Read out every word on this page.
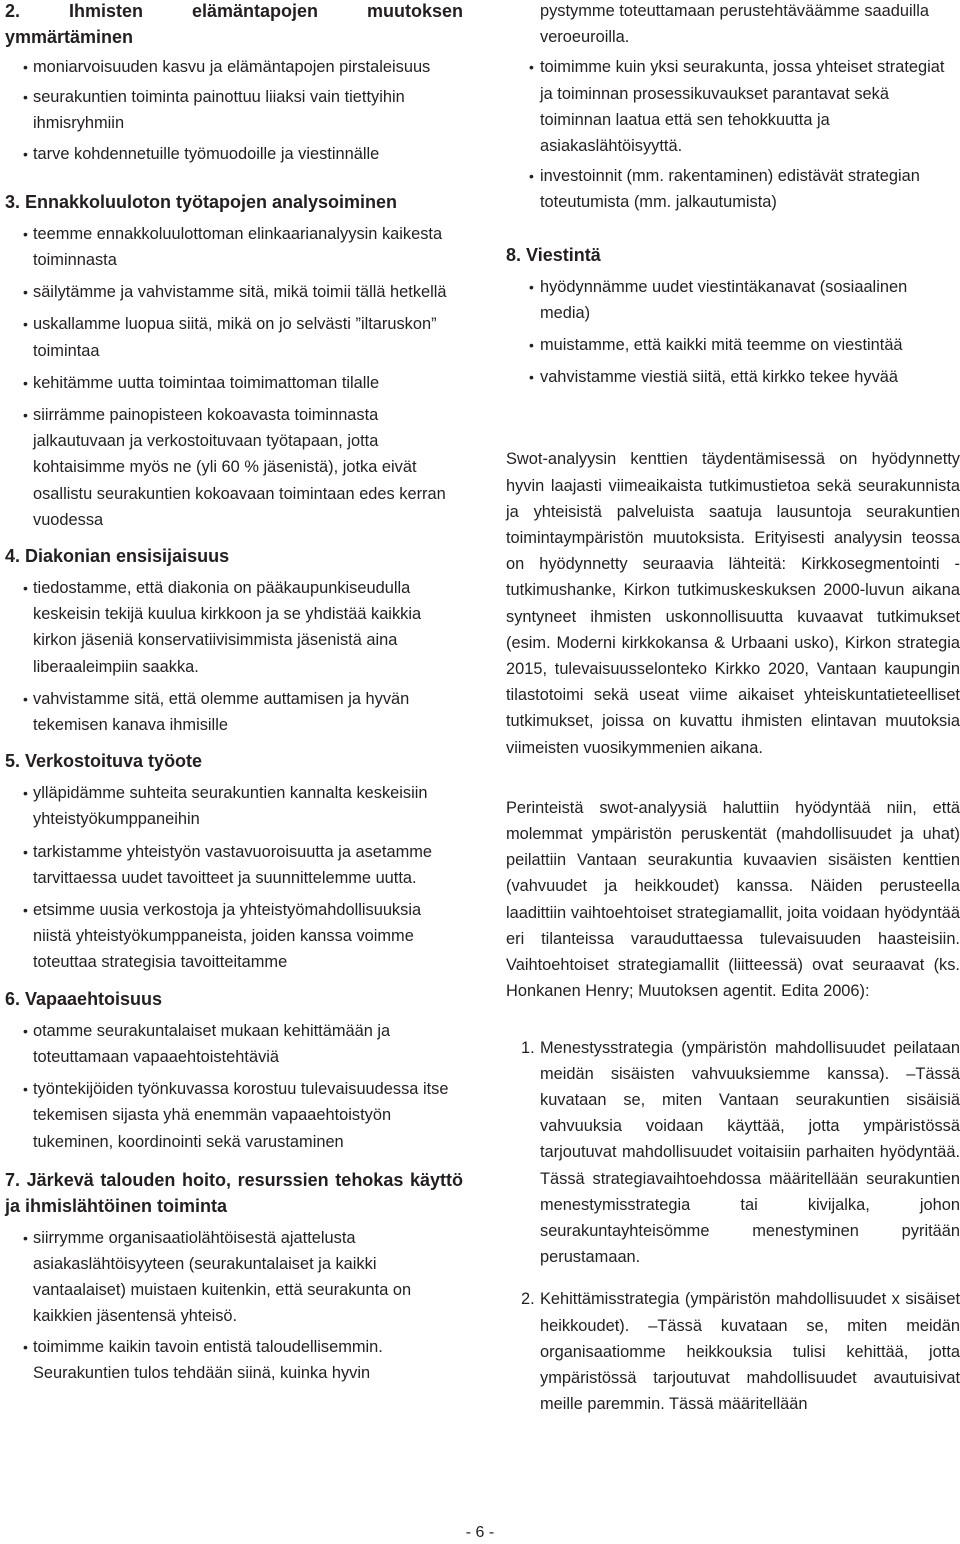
2. Ihmisten elämäntapojen muutoksen ymmärtäminen
• moniarvoisuuden kasvu ja elämäntapojen pirstaleisuus
• seurakuntien toiminta painottuu liiaksi vain tiettyihin ihmisryhmiin
• tarve kohdennetuille työmuodoille ja viestinnälle
3. Ennakkoluuloton työtapojen analysoiminen
• teemme ennakkoluulottoman elinkaarianalyysin kaikesta toiminnasta
• säilytämme ja vahvistamme sitä, mikä toimii tällä hetkellä
• uskallamme luopua siitä, mikä on jo selvästi ”iltaruskon” toimintaa
• kehitämme uutta toimintaa toimimattoman tilalle
• siirrämme painopisteen kokoavasta toiminnasta jalkautuvaan ja verkostoituvaan työtapaan, jotta kohtaisimme myös ne (yli 60 % jäsenistä), jotka eivät osallistu seurakuntien kokoavaan toimintaan edes kerran vuodessa
4. Diakonian ensisijaisuus
• tiedostamme, että diakonia on pääkaupunkiseudulla keskeisin tekijä kuulua kirkkoon ja se yhdistää kaikkia kirkon jäseniä konservatiivisimmista jäsenistä aina liberaaleimpiin saakka.
• vahvistamme sitä, että olemme auttamisen ja hyvän tekemisen kanava ihmisille
5. Verkostoituva työote
• ylläpidämme suhteita seurakuntien kannalta keskeisiin yhteistyökumppaneihin
• tarkistamme yhteistyön vastavuoroisuutta ja asetamme tarvittaessa uudet tavoitteet ja suunnittelemme uutta.
• etsimme uusia verkostoja ja yhteistyömahdollisuuksia niistä yhteistyökumppaneista, joiden kanssa voimme toteuttaa strategisia tavoitteitamme
6. Vapaaehtoisuus
• otamme seurakuntalaiset mukaan kehittämään ja toteuttamaan vapaaehtoistehtäviä
• työntekijöiden työnkuvassa korostuu tulevaisuudessa itse tekemisen sijasta yhä enemmän vapaaehtoistyön tukeminen, koordinointi sekä varustaminen
7. Järkevä talouden hoito, resurssien tehokas käyttö ja ihmislähtöinen toiminta
• siirrymme organisaatiolähtöisestä ajattelusta asiakaslähtöisyyteen (seurakuntalaiset ja kaikki vantaalaiset) muistaen kuitenkin, että seurakunta on kaikkien jäsentensä yhteisö.
• toimimme kaikin tavoin entistä taloudellisemmin. Seurakuntien tulos tehdään siinä, kuinka hyvin
pystymme toteuttamaan perustehtäväämme saaduilla veroeuroilla.
• toimimme kuin yksi seurakunta, jossa yhteiset strategiat ja toiminnan prosessikuvaukset parantavat sekä toiminnan laatua että sen tehokkuutta ja asiakaslähtöisyyttä.
• investoinnit (mm. rakentaminen) edistävät strategian toteutumista (mm. jalkautumista)
8. Viestintä
• hyödynnämme uudet viestintäkanavat (sosiaalinen media)
• muistamme, että kaikki mitä teemme on viestintää
• vahvistamme viestiä siitä, että kirkko tekee hyvää

Swot-analyysin kenttien täydentämisessä on hyödynnetty hyvin laajasti viimeaikaista tutkimustietoa sekä seurakunnista ja yhteisistä palveluista saatuja lausuntoja seurakuntien toimintaympäristön muutoksista. Erityisesti analyysin teossa on hyödynnetty seuraavia lähteitä: Kirkkosegmentointi -tutkimushanke, Kirkon tutkimuskeskuksen 2000-luvun aikana syntyneet ihmisten uskonnollisuutta kuvaavat tutkimukset (esim. Moderni kirkkokansa & Urbaani usko), Kirkon strategia 2015, tulevaisuusselonteko Kirkko 2020, Vantaan kaupungin tilastotoimi sekä useat viime aikaiset yhteiskuntatieteelliset tutkimukset, joissa on kuvattu ihmisten elintavan muutoksia viimeisten vuosikymmenien aikana.

Perinteistä swot-analyysiä haluttiin hyödyntää niin, että molemmat ympäristön peruskentät (mahdollisuudet ja uhat) peilattiin Vantaan seurakuntia kuvaavien sisäisten kenttien (vahvuudet ja heikkoudet) kanssa. Näiden perusteella laadittiin vaihtoehtoiset strategiamallit, joita voidaan hyödyntää eri tilanteissa varauduttaessa tulevaisuuden haasteisiin. Vaihtoehtoiset strategiamallit (liitteessä) ovat seuraavat (ks. Honkanen Henry; Muutoksen agentit. Edita 2006):

1. Menestysstrategia (ympäristön mahdollisuudet peilataan meidän sisäisten vahvuuksiemme kanssa). –Tässä kuvataan se, miten Vantaan seurakuntien sisäisiä vahvuuksia voidaan käyttää, jotta ympäristössä tarjoutuvat mahdollisuudet voitaisiin parhaiten hyödyntää. Tässä strategiavaihtoehdossa määritellään seurakuntien menestymisstrategia tai kivijalka, johon seurakuntayhteisömme menestyminen pyritään perustamaan.
2. Kehittämisstrategia (ympäristön mahdollisuudet x sisäiset heikkoudet). –Tässä kuvataan se, miten meidän organisaatiomme heikkouksia tulisi kehittää, jotta ympäristössä tarjoutuvat mahdollisuudet avautuisivat meille paremmin. Tässä määritellään
- 6 -
